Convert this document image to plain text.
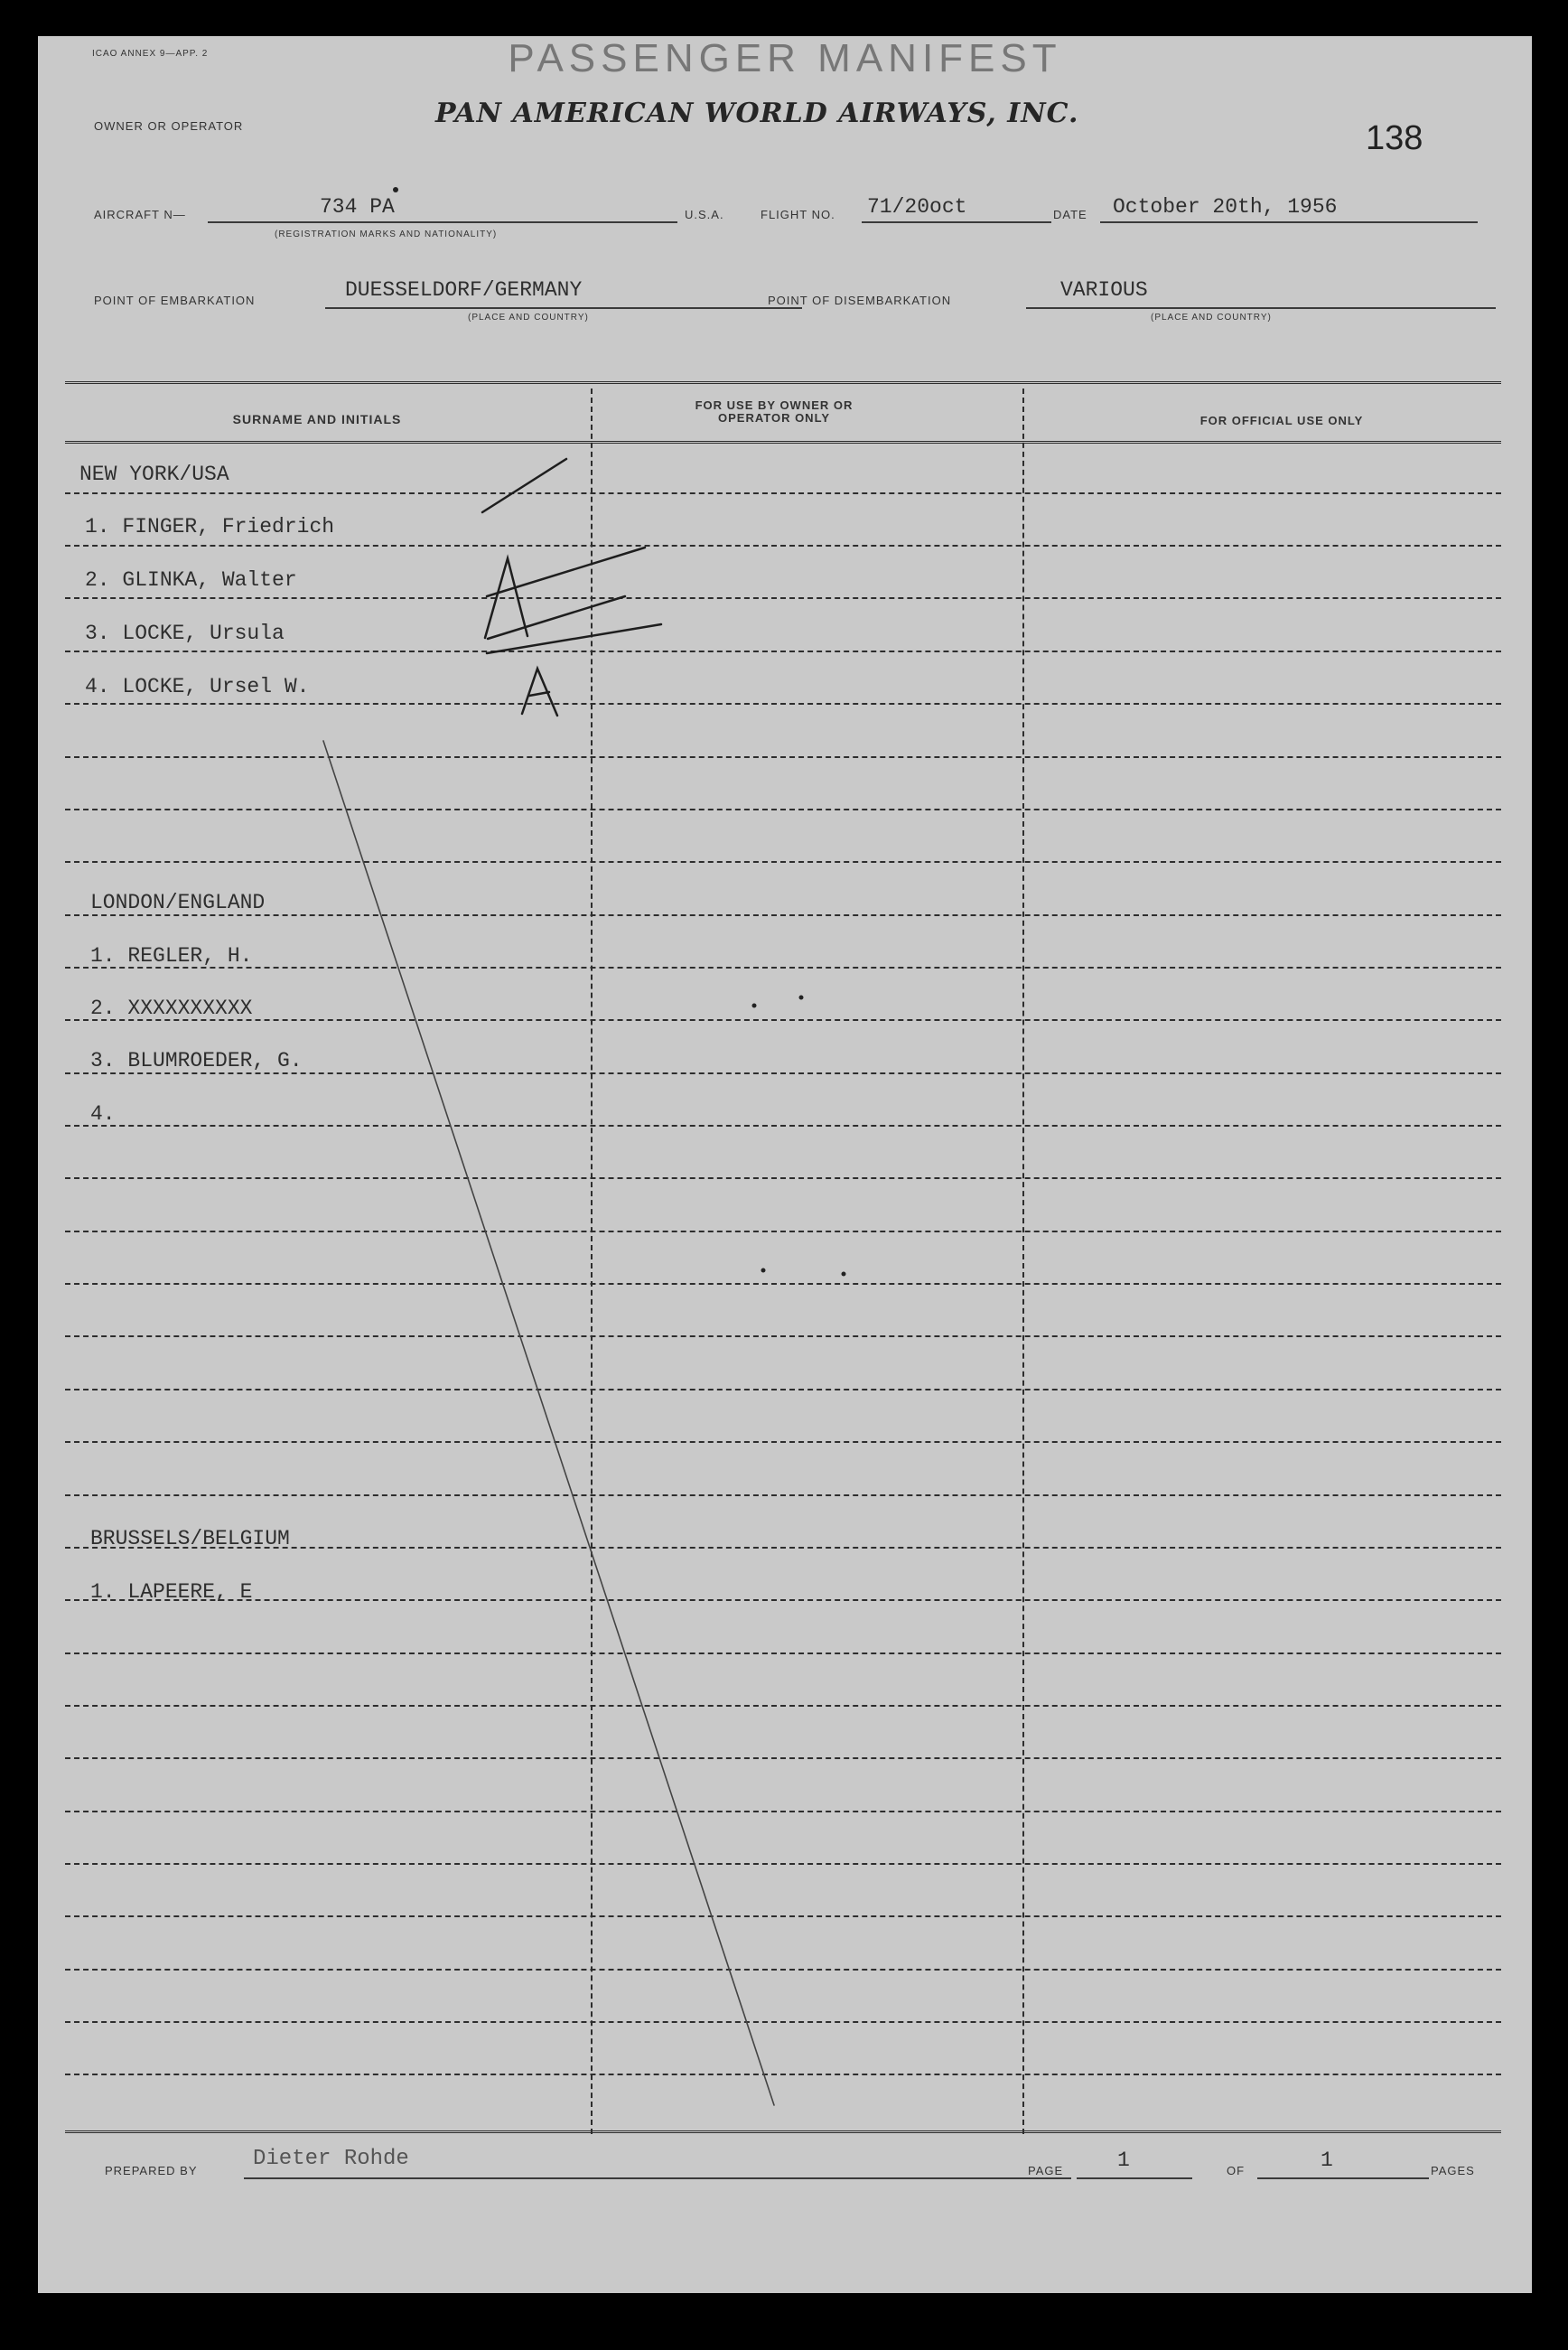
ICAO ANNEX 9—APP. 2	PASSENGER MANIFEST
OWNER OR OPERATOR	PAN AMERICAN WORLD AIRWAYS, INC.
138
AIRCRAFT N—	734 PA
(REGISTRATION MARKS AND NATIONALITY)
U.S.A.	FLIGHT NO. 71/20oct	DATE October 20th, 1956
POINT OF EMBARKATION	DUESSELDORF/GERMANY
(PLACE AND COUNTRY)
POINT OF DISEMBARKATION	VARIOUS
(PLACE AND COUNTRY)
SURNAME AND INITIALS
FOR USE BY OWNER OR OPERATOR ONLY	FOR OFFICIAL USE ONLY
NEW YORK/USA
1. FINGER, Friedrich
2. GLINKA, Walter
3. LOCKE, Ursula
4. LOCKE, Ursel W.
LONDON/ENGLAND
1. REGLER, H.
2. XXXXXXXXXX
3. BLUMROEDER, G.
4.
BRUSSELS/BELGIUM
1. LAPEERE, E
PREPARED BY	Dieter Rohde	PAGE	1	OF	1	PAGES
